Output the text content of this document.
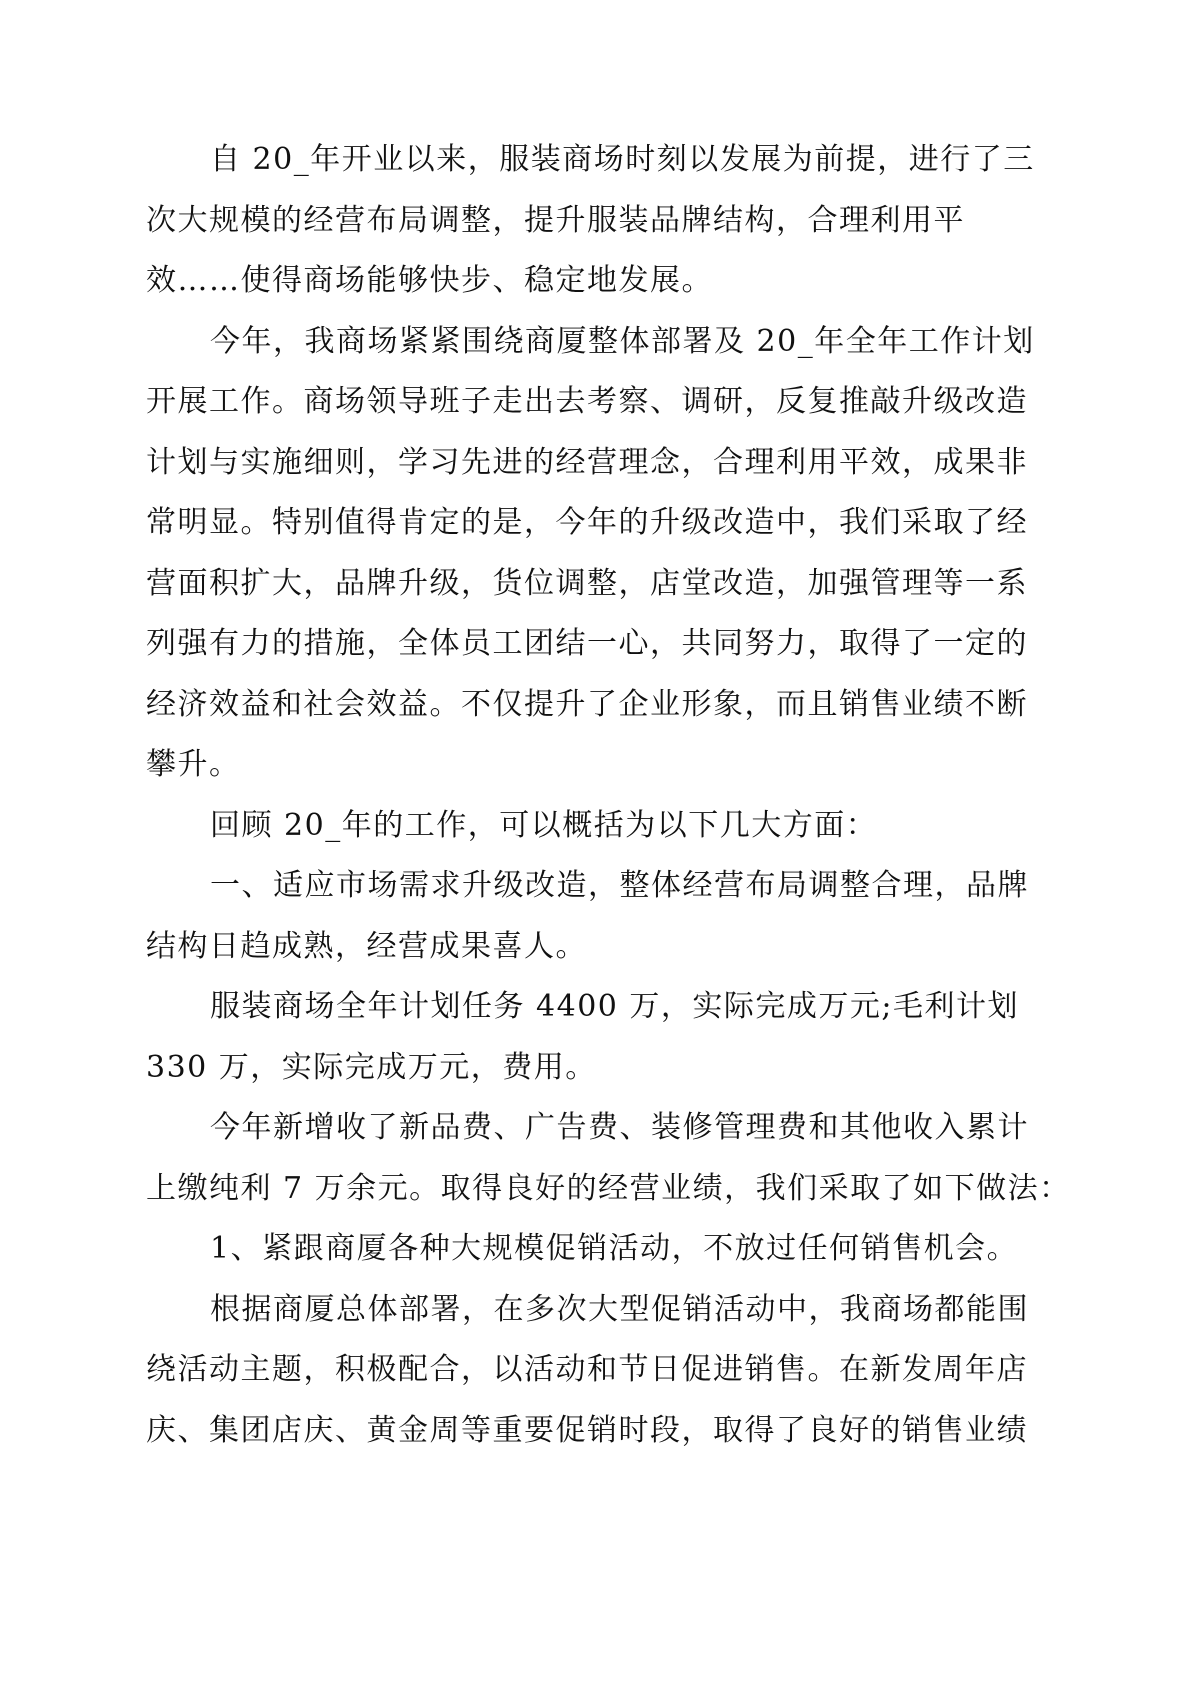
自 20_年开业以来，服装商场时刻以发展为前提，进行了三
次大规模的经营布局调整，提升服装品牌结构，合理利用平
效……使得商场能够快步、稳定地发展。
今年，我商场紧紧围绕商厦整体部署及 20_年全年工作计划
开展工作。商场领导班子走出去考察、调研，反复推敲升级改造
计划与实施细则，学习先进的经营理念，合理利用平效，成果非
常明显。特别值得肯定的是，今年的升级改造中，我们采取了经
营面积扩大，品牌升级，货位调整，店堂改造，加强管理等一系
列强有力的措施，全体员工团结一心，共同努力，取得了一定的
经济效益和社会效益。不仅提升了企业形象，而且销售业绩不断
攀升。
回顾 20_年的工作，可以概括为以下几大方面：
一、适应市场需求升级改造，整体经营布局调整合理，品牌
结构日趋成熟，经营成果喜人。
服装商场全年计划任务 4400 万，实际完成万元;毛利计划
330 万，实际完成万元，费用。
今年新增收了新品费、广告费、装修管理费和其他收入累计
上缴纯利 7 万余元。取得良好的经营业绩，我们采取了如下做法：
1、紧跟商厦各种大规模促销活动，不放过任何销售机会。
根据商厦总体部署，在多次大型促销活动中，我商场都能围
绕活动主题，积极配合，以活动和节日促进销售。在新发周年店
庆、集团店庆、黄金周等重要促销时段，取得了良好的销售业绩
